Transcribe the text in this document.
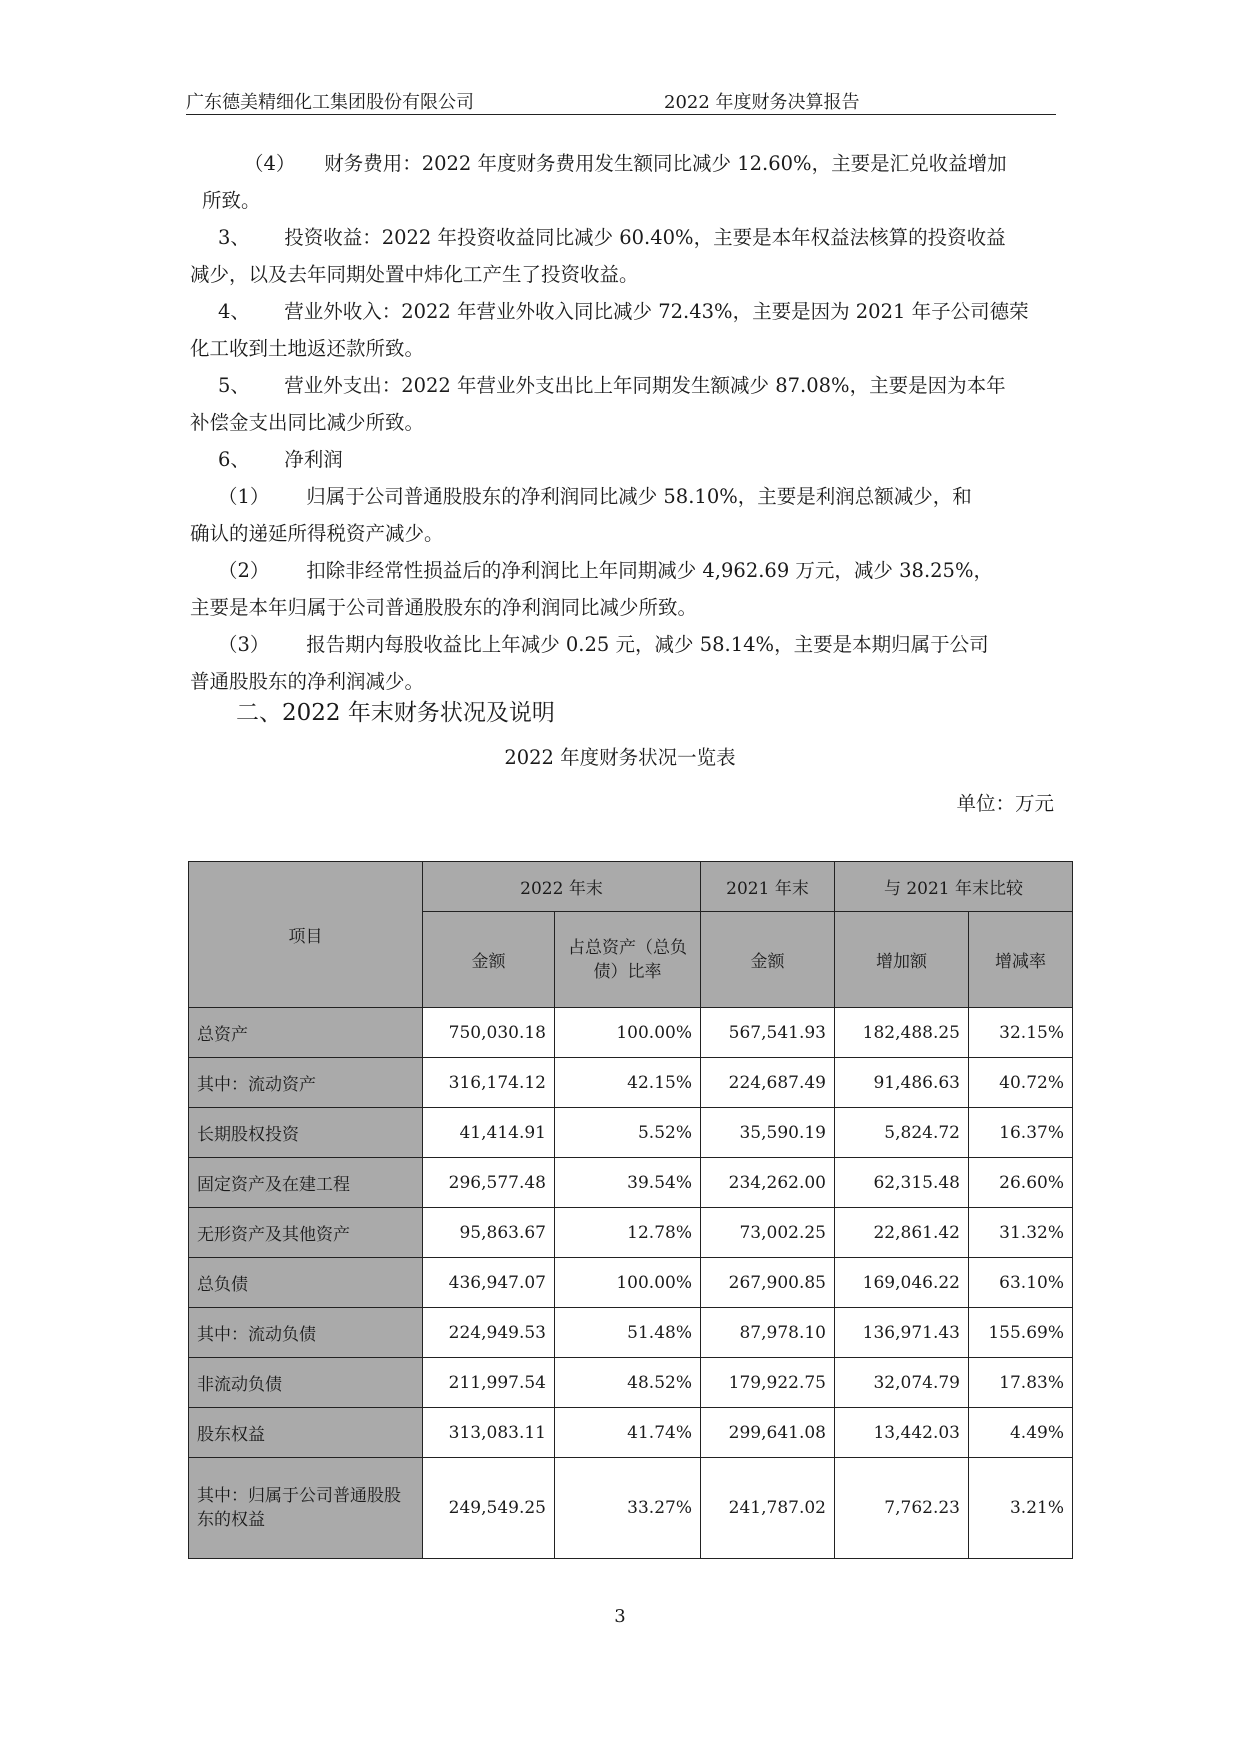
广东德美精细化工集团股份有限公司	2022 年度财务决算报告
（4） 财务费用：2022 年度财务费用发生额同比减少 12.60%，主要是汇兑收益增加
所致。
3、 投资收益：2022 年投资收益同比减少 60.40%，主要是本年权益法核算的投资收益
减少，以及去年同期处置中炜化工产生了投资收益。
4、 营业外收入：2022 年营业外收入同比减少 72.43%，主要是因为 2021 年子公司德荣
化工收到土地返还款所致。
5、 营业外支出：2022 年营业外支出比上年同期发生额减少 87.08%，主要是因为本年
补偿金支出同比减少所致。
6、 净利润
（1） 归属于公司普通股股东的净利润同比减少 58.10%，主要是利润总额减少，和
确认的递延所得税资产减少。
（2） 扣除非经常性损益后的净利润比上年同期减少 4,962.69 万元，减少 38.25%，
主要是本年归属于公司普通股股东的净利润同比减少所致。
（3） 报告期内每股收益比上年减少 0.25 元，减少 58.14%，主要是本期归属于公司
普通股股东的净利润减少。
二、2022 年末财务状况及说明
2022 年度财务状况一览表
单位：万元
项目	2022 年末		2021 年末	与 2021 年末比较	
	金额	占总资产（总负债）比率	金额	增加额	增减率
总资产	750,030.18	100.00%	567,541.93	182,488.25	32.15%
其中：流动资产	316,174.12	42.15%	224,687.49	91,486.63	40.72%
长期股权投资	41,414.91	5.52%	35,590.19	5,824.72	16.37%
固定资产及在建工程	296,577.48	39.54%	234,262.00	62,315.48	26.60%
无形资产及其他资产	95,863.67	12.78%	73,002.25	22,861.42	31.32%
总负债	436,947.07	100.00%	267,900.85	169,046.22	63.10%
其中：流动负债	224,949.53	51.48%	87,978.10	136,971.43	155.69%
非流动负债	211,997.54	48.52%	179,922.75	32,074.79	17.83%
股东权益	313,083.11	41.74%	299,641.08	13,442.03	4.49%
其中：归属于公司普通股股东的权益	249,549.25	33.27%	241,787.02	7,762.23	3.21%
3
